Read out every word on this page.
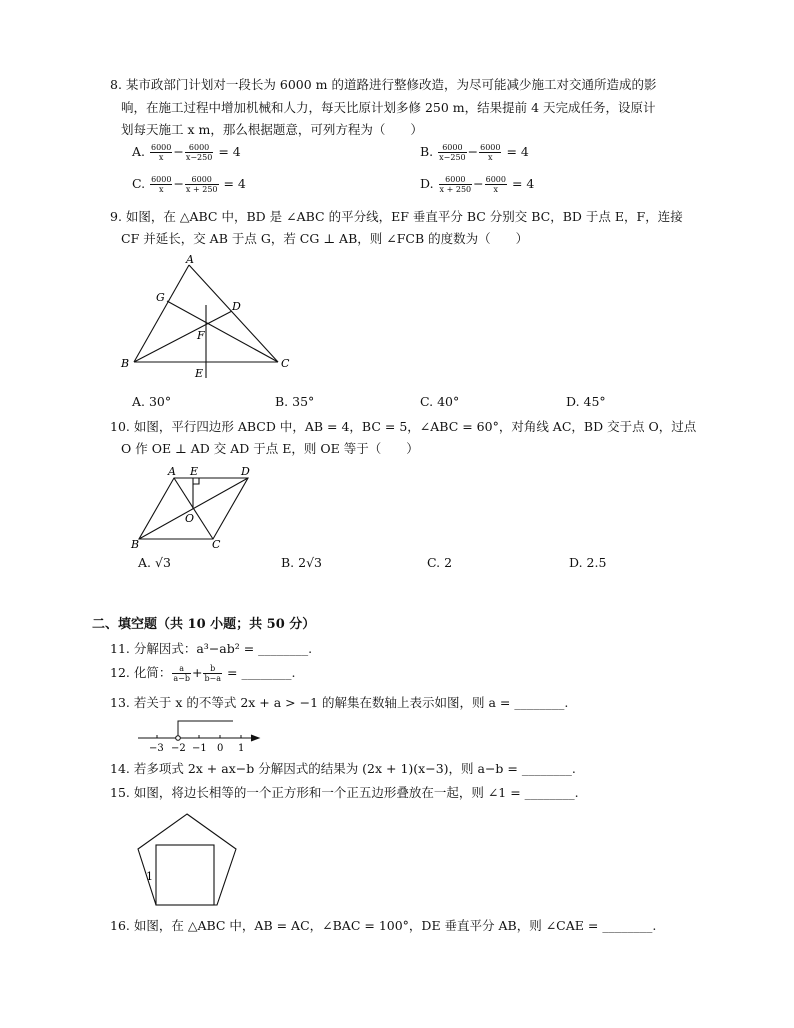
8. 某市政部门计划对一段长为 6000 m 的道路进行整修改造，为尽可能减少施工对交通所造成的影
响，在施工过程中增加机械和人力，每天比原计划多修 250 m，结果提前 4 天完成任务，设原计
划每天施工 x m，那么根据题意，可列方程为（　　）
A. $\frac{6000}{x} - \frac{6000}{x-250} = 4$	B. $\frac{6000}{x-250} - \frac{6000}{x} = 4$
C. $\frac{6000}{x} - \frac{6000}{x + 250} = 4$	D. $\frac{6000}{x + 250} - \frac{6000}{x} = 4$
9. 如图，在 △ABC 中，BD 是 ∠ABC 的平分线，EF 垂直平分 BC 分别交 BC，BD 于点 E，F，连接
CF 并延长，交 AB 于点 G，若 CG ⊥ AB，则 ∠FCB 的度数为（　　）
A
B	C
D
E
F
G
A. 30°	B. 35°	C. 40°	D. 45°
10. 如图，平行四边形 ABCD 中，AB = 4，BC = 5，∠ABC = 60°，对角线 AC，BD 交于点 O，过点
O 作 OE ⊥ AD 交 AD 于点 E，则 OE 等于（　　）
A
B	C
D
E
O
A. √3	B. 2√3	C. 2	D. 2.5
二、填空题（共 10 小题；共 50 分）
11. 分解因式：a³−ab² = ________.
12. 化简： $\frac{a}{a-b} + \frac{b}{b-a}$ = ________.
13. 若关于 x 的不等式 2x + a > −1 的解集在数轴上表示如图，则 a = ________.
−3 −2 −1 0 1
14. 若多项式 2x + ax−b 分解因式的结果为 (2x + 1)(x−3)，则 a−b = ________.
15. 如图，将边长相等的一个正方形和一个正五边形叠放在一起，则 ∠1 = ________.
1
16. 如图，在 △ABC 中，AB = AC，∠BAC = 100°，DE 垂直平分 AB，则 ∠CAE = ________.
